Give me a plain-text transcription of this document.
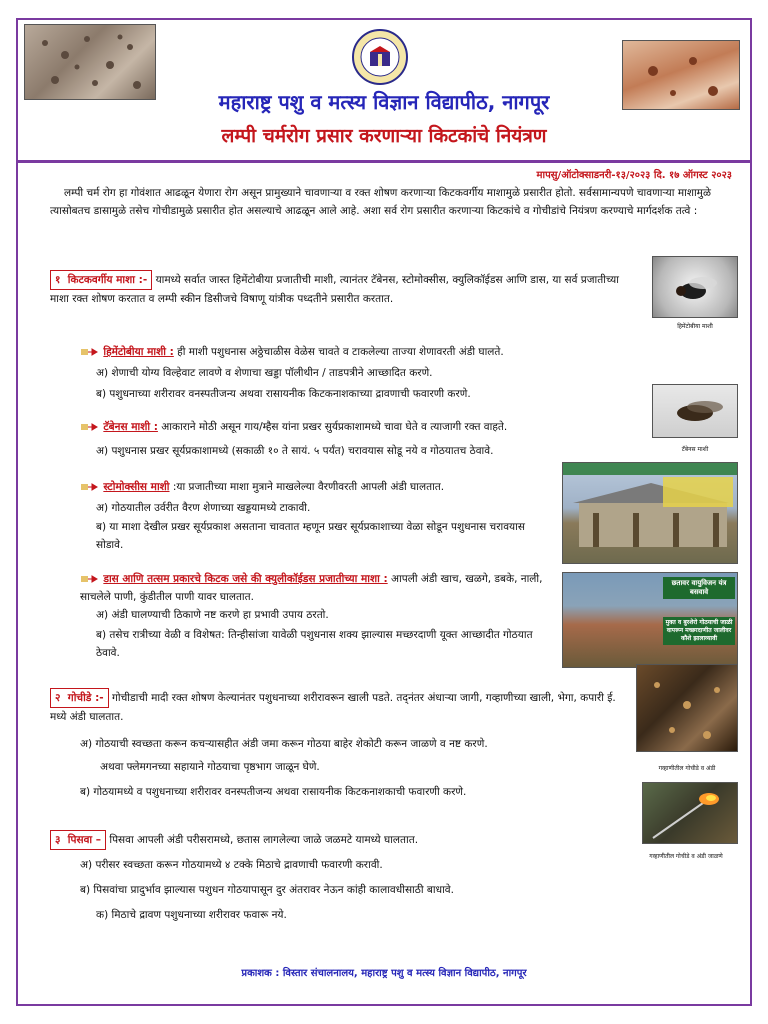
महाराष्ट्र पशु व मत्स्य विज्ञान विद्यापीठ, नागपूर
लम्पी चर्मरोग प्रसार करणाऱ्या किटकांचे नियंत्रण
मापसु/ऑटोक्साडनरी-१३/२०२३ दि. १७ ऑगस्ट २०२३
लम्पी चर्म रोग हा गोवंशात आढळून येणारा रोग असून प्रामुख्याने चावणाऱ्या व रक्त शोषण करणाऱ्या किटकवर्गीय माशामुळे प्रसारीत होतो. सर्वसामान्यपणे चावणाऱ्या माशामुळे त्यासोबतच डासामुळे तसेच गोचीडामुळे प्रसारीत होत असल्याचे आढळून आले आहे. अशा सर्व रोग प्रसारीत करणाऱ्या किटकांचे व गोचीडांचे नियंत्रण करण्याचे मार्गदर्शक तत्वे :
१ किटकवर्गीय माशा :- यामध्ये सर्वात जास्त हिमेंटोबीया प्रजातीची माशी, त्यानंतर टॅबेनस, स्टोमोक्सीस, क्युलिकॉईडस आणि डास, या सर्व प्रजातीच्या माशा रक्त शोषण करतात व लम्पी स्कीन डिसीजचे विषाणू यांत्रीक पध्दतीने प्रसारीत करतात.
हिमेंटोबीया माशी
हिमेंटोबीया माशी : ही माशी पशुधनास अठ्ठेचाळीस वेळेस चावते व टाकलेल्या ताज्या शेणावरती अंडी घालते.
अ) शेणाची योग्य विल्हेवाट लावणे व शेणाचा खड्डा पॉलीथीन / ताडपत्रीने आच्छादित करणे.
ब) पशुधनाच्या शरीरावर वनस्पतीजन्य अथवा रासायनीक किटकनाशकाच्या द्रावणाची फवारणी करणे.
टॅबेनस माशी : आकाराने मोठी असून गाय/म्हैस यांना प्रखर सुर्यप्रकाशामध्ये चावा घेते व त्याजागी रक्त वाहते.
अ) पशुधनास प्रखर सूर्यप्रकाशामध्ये (सकाळी १० ते सायं. ५ पर्यंत) चरावयास सोडू नये व गोठयातच ठेवावे.	टॅबेनस माशी
स्टोमोक्सीस माशी :या प्रजातीच्या माशा मुत्राने माखलेल्या वैरणीवरती आपली अंडी घालतात.
अ) गोठयातील उर्वरीत वैरण शेणाच्या खड्डयामध्ये टाकावी.
ब) या माशा देखील प्रखर सूर्यप्रकाश असताना चावतात म्हणून प्रखर सूर्यप्रकाशाच्या वेळा सोडून पशुधनास चरावयास सोडावे.
डास आणि तत्सम प्रकारचे किटक जसे की क्युलीकॉईडस प्रजातीच्या माशा : आपली अंडी खाच, खळगे, डबके, नाली, साचलेले पाणी, कुंडीतील पाणी यावर घालतात.
अ) अंडी घालण्याची ठिकाणे नष्ट करणे हा प्रभावी उपाय ठरतो.
ब) तसेच रात्रीच्या वेळी व विशेषत: तिन्हीसांजा यावेळी पशुधनास शक्य झाल्यास मच्छरदाणी यूक्त आच्छादीत गोठयात ठेवावे.
छतावर वायुविजन यंत्र बसवावे
मुक्त व बुरशेरो गोठयाची जाळी वापरून मच्छरदाणीत जालीवर कौशे झालाव्यावी
२ गोचीडे :- गोचीडाची मादी रक्त शोषण केल्यानंतर पशुधनाच्या शरीरावरून खाली पडते. तद्नंतर अंधाऱ्या जागी, गव्हाणीच्या खाली, भेगा, कपारी ई. मध्ये अंडी घालतात.
अ) गोठयाची स्वच्छता करून कचऱ्यासहीत अंडी जमा करून गोठया बाहेर शेकोटी करून जाळणे व नष्ट करणे.
अथवा फ्लेमगनच्या सहायाने गोठयाचा पृष्ठभाग जाळून घेणे.
ब) गोठयामध्ये व पशुधनाच्या शरीरावर वनस्पतीजन्य अथवा रासायनीक किटकनाशकाची फवारणी करणे.
गव्हाणीतील गोचीडे व अंडी
३ पिसवा – पिसवा आपली अंडी परीसरामध्ये, छतास लागलेल्या जाळे जळमटे यामध्ये घालतात.
अ) परीसर स्वच्छता करून गोठयामध्ये ४ टक्के मिठाचे द्रावणाची फवारणी करावी.
ब) पिसवांचा प्रादुर्भाव झाल्यास पशुधन गोठयापासून दुर अंतरावर नेऊन कांही कालावधीसाठी बाधावे.
क) मिठाचे द्रावण पशुधनाच्या शरीरावर फवारू नये.
गव्हाणीतील गोचीडे व अंडी जाळणे
प्रकाशक : विस्तार संचालनालय, महाराष्ट्र पशु व मत्स्य विज्ञान विद्यापीठ, नागपूर
